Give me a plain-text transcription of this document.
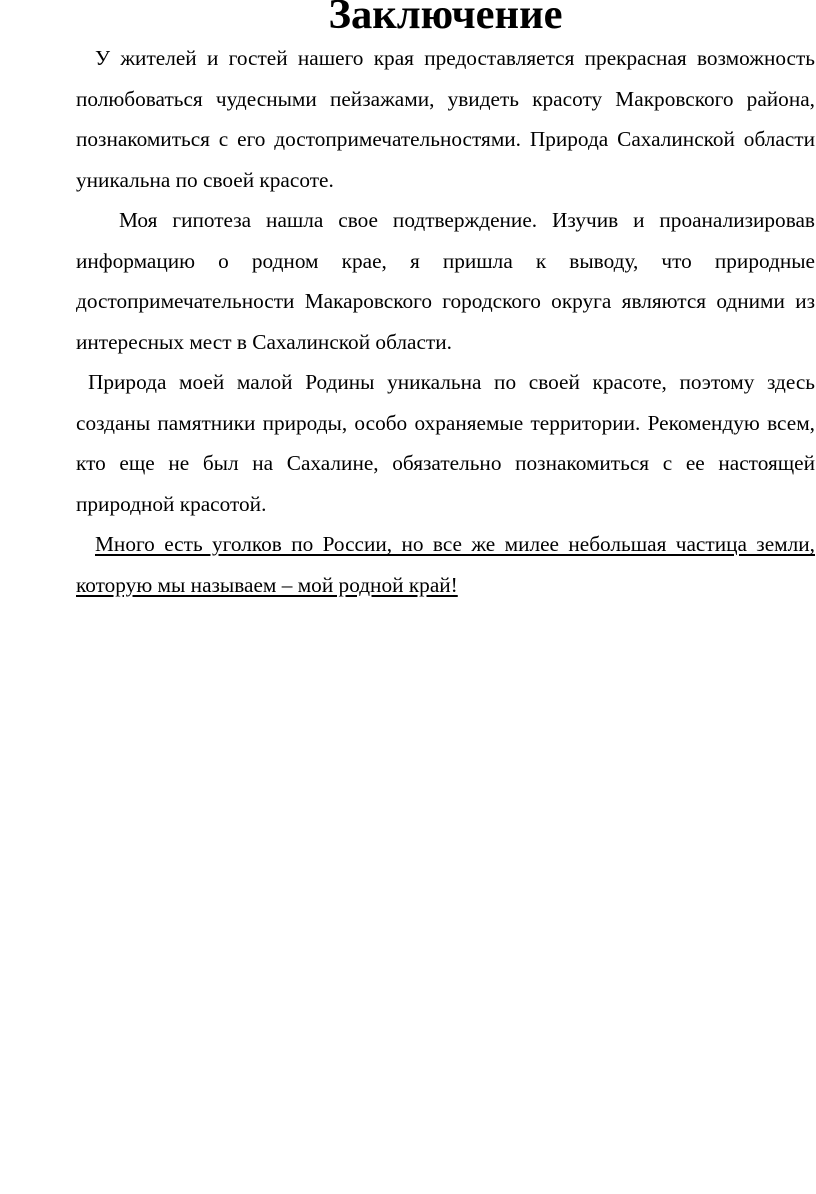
Заключение

У жителей и гостей нашего края предоставляется прекрасная возможность полюбоваться чудесными пейзажами, увидеть красоту Макровского района, познакомиться с его достопримечательностями. Природа Сахалинской области уникальна по своей красоте.

Моя гипотеза нашла свое подтверждение. Изучив и проанализировав информацию о родном крае, я пришла к выводу, что природные достопримечательности Макаровского городского округа являются одними из интересных мест в Сахалинской области.

Природа моей малой Родины уникальна по своей красоте, поэтому здесь созданы памятники природы, особо охраняемые территории. Рекомендую всем, кто еще не был на Сахалине, обязательно познакомиться с ее настоящей природной красотой.

Много есть уголков по России, но все же милее небольшая частица земли, которую мы называем – мой родной край!
